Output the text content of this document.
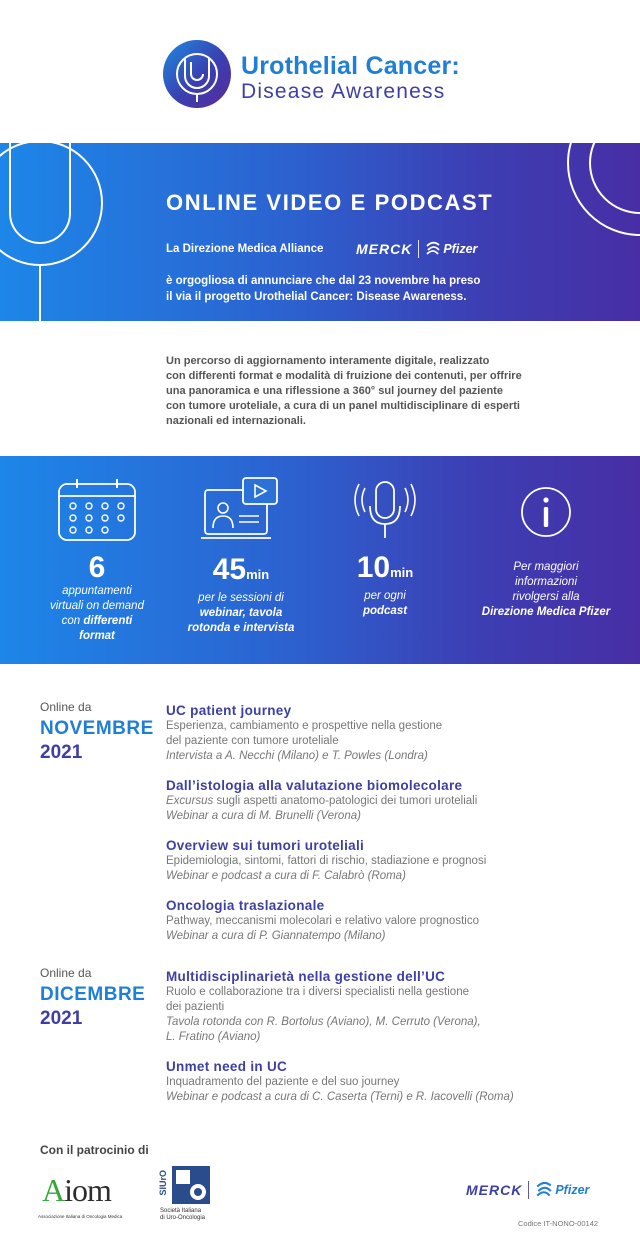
Urothelial Cancer:
Disease Awareness
ONLINE VIDEO E PODCAST
La Direzione Medica Alliance MERCK Pfizer
è orgogliosa di annunciare che dal 23 novembre ha preso
il via il progetto Urothelial Cancer: Disease Awareness.
Un percorso di aggiornamento interamente digitale, realizzato
con differenti format e modalità di fruizione dei contenuti, per offrire
una panoramica e una riflessione a 360° sul journey del paziente
con tumore uroteliale, a cura di un panel multidisciplinare di esperti
nazionali ed internazionali.
6
appuntamenti
virtuali on demand
con differenti
format
45min
per le sessioni di
webinar, tavola
rotonda e intervista
10min
per ogni
podcast
Per maggiori
informazioni
rivolgersi alla
Direzione Medica Pfizer
Online da
NOVEMBRE
2021
Online da
DICEMBRE
2021
UC patient journey
Esperienza, cambiamento e prospettive nella gestione
del paziente con tumore uroteliale
Intervista a A. Necchi (Milano) e T. Powles (Londra)
Dall’istologia alla valutazione biomolecolare
Excursus sugli aspetti anatomo-patologici dei tumori uroteliali
Webinar a cura di M. Brunelli (Verona)
Overview sui tumori uroteliali
Epidemiologia, sintomi, fattori di rischio, stadiazione e prognosi
Webinar e podcast a cura di F. Calabrò (Roma)
Oncologia traslazionale
Pathway, meccanismi molecolari e relativo valore prognostico
Webinar a cura di P. Giannatempo (Milano)
Multidisciplinarietà nella gestione dell’UC
Ruolo e collaborazione tra i diversi specialisti nella gestione
dei pazienti
Tavola rotonda con R. Bortolus (Aviano), M. Cerruto (Verona),
L. Fratino (Aviano)
Unmet need in UC
Inquadramento del paziente e del suo journey
Webinar e podcast a cura di C. Caserta (Terni) e R. Iacovelli (Roma)
Con il patrocinio di
Aiom
Associazione Italiana di Oncologia Medica
SIUrO
Società Italiana
di Uro-Oncologia
MERCK	Pfizer
Codice IT-NONO-00142
